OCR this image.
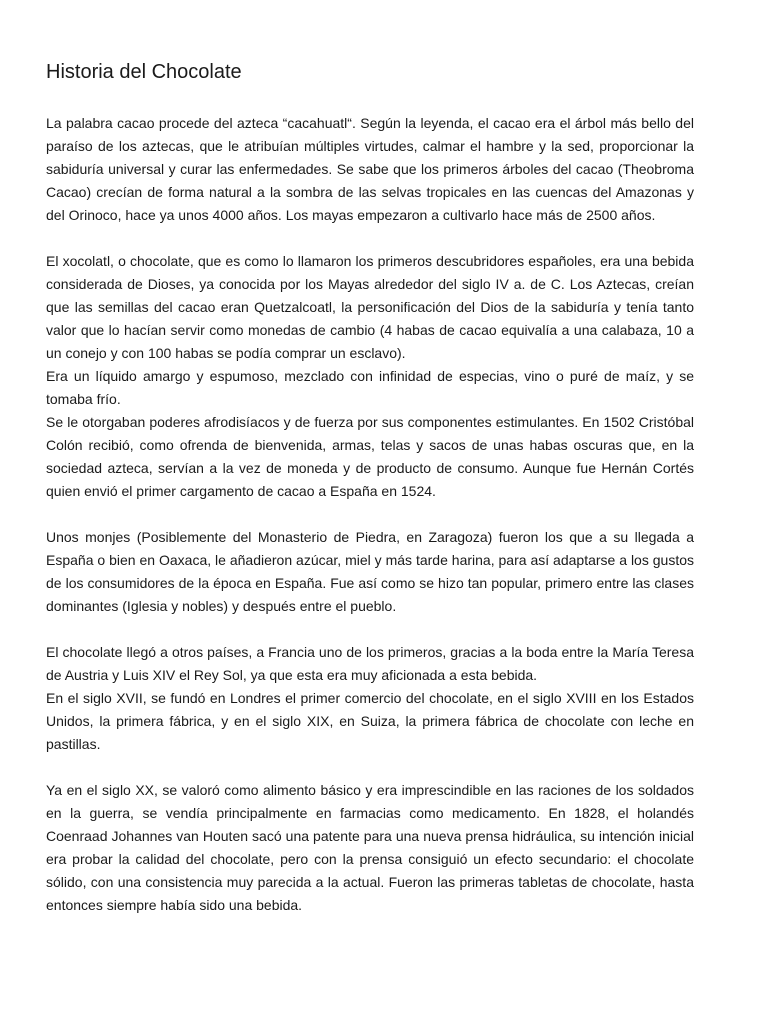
Historia del Chocolate
La palabra cacao procede del azteca “cacahuatl“. Según la leyenda, el cacao era el árbol más bello del paraíso de los aztecas, que le atribuían múltiples virtudes, calmar el hambre y la sed, proporcionar la sabiduría universal y curar las enfermedades. Se sabe que los primeros árboles del cacao (Theobroma Cacao) crecían de forma natural a la sombra de las selvas tropicales en las cuencas del Amazonas y del Orinoco, hace ya unos 4000 años. Los mayas empezaron a cultivarlo hace más de 2500 años.
El xocolatl, o chocolate, que es como lo llamaron los primeros descubridores españoles, era una bebida considerada de Dioses, ya conocida por los Mayas alrededor del siglo IV a. de C. Los Aztecas, creían que las semillas del cacao eran Quetzalcoatl, la personificación del Dios de la sabiduría y tenía tanto valor que lo hacían servir como monedas de cambio (4 habas de cacao equivalía a una calabaza, 10 a un conejo y con 100 habas se podía comprar un esclavo).
Era un líquido amargo y espumoso, mezclado con infinidad de especias, vino o puré de maíz, y se tomaba frío.
Se le otorgaban poderes afrodisíacos y de fuerza por sus componentes estimulantes. En 1502 Cristóbal Colón recibió, como ofrenda de bienvenida, armas, telas y sacos de unas habas oscuras que, en la sociedad azteca, servían a la vez de moneda y de producto de consumo. Aunque fue Hernán Cortés quien envió el primer cargamento de cacao a España en 1524.
Unos monjes (Posiblemente del Monasterio de Piedra, en Zaragoza) fueron los que a su llegada a España o bien en Oaxaca, le añadieron azúcar, miel y más tarde harina, para así adaptarse a los gustos de los consumidores de la época en España. Fue así como se hizo tan popular, primero entre las clases dominantes (Iglesia y nobles) y después entre el pueblo.
El chocolate llegó a otros países, a Francia uno de los primeros, gracias a la boda entre la María Teresa de Austria y Luis XIV el Rey Sol, ya que esta era muy aficionada a esta bebida.
En el siglo XVII, se fundó en Londres el primer comercio del chocolate, en el siglo XVIII en los Estados Unidos, la primera fábrica, y en el siglo XIX, en Suiza, la primera fábrica de chocolate con leche en pastillas.
Ya en el siglo XX, se valoró como alimento básico y era imprescindible en las raciones de los soldados en la guerra, se vendía principalmente en farmacias como medicamento. En 1828, el holandés Coenraad Johannes van Houten sacó una patente para una nueva prensa hidráulica, su intención inicial era probar la calidad del chocolate, pero con la prensa consiguió un efecto secundario: el chocolate sólido, con una consistencia muy parecida a la actual. Fueron las primeras tabletas de chocolate, hasta entonces siempre había sido una bebida.
